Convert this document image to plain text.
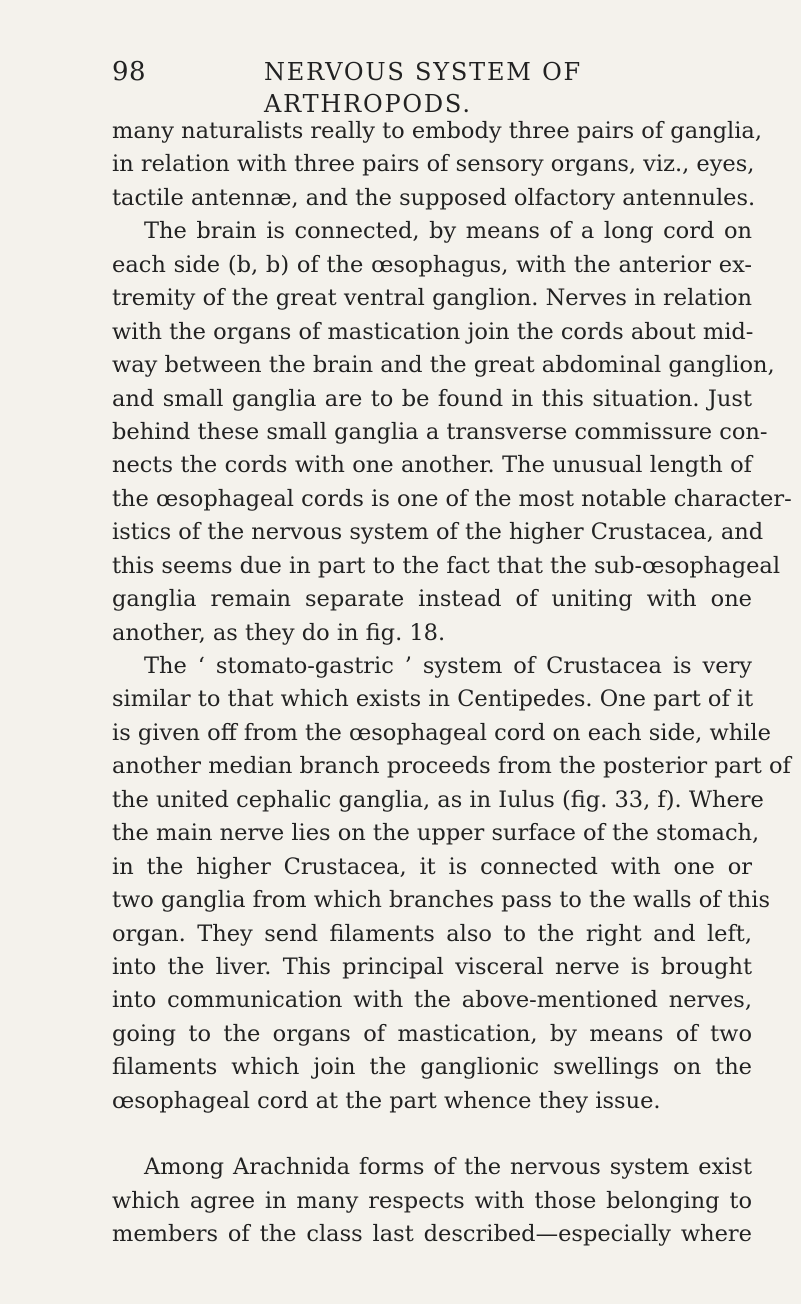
98	NERVOUS SYSTEM OF ARTHROPODS.
many naturalists really to embody three pairs of ganglia,
in relation with three pairs of sensory organs, viz., eyes,
tactile antennæ, and the supposed olfactory antennules.
The brain is connected, by means of a long cord on
each side (b, b) of the œsophagus, with the anterior ex-
tremity of the great ventral ganglion. Nerves in relation
with the organs of mastication join the cords about mid-
way between the brain and the great abdominal ganglion,
and small ganglia are to be found in this situation. Just
behind these small ganglia a transverse commissure con-
nects the cords with one another. The unusual length of
the œsophageal cords is one of the most notable character-
istics of the nervous system of the higher Crustacea, and
this seems due in part to the fact that the sub-œsophageal
ganglia remain separate instead of uniting with one
another, as they do in fig. 18.
The ‘ stomato-gastric ’ system of Crustacea is very
similar to that which exists in Centipedes. One part of it
is given off from the œsophageal cord on each side, while
another median branch proceeds from the posterior part of
the united cephalic ganglia, as in Iulus (fig. 33, f). Where
the main nerve lies on the upper surface of the stomach,
in the higher Crustacea, it is connected with one or
two ganglia from which branches pass to the walls of this
organ. They send filaments also to the right and left,
into the liver. This principal visceral nerve is brought
into communication with the above-mentioned nerves,
going to the organs of mastication, by means of two
filaments which join the ganglionic swellings on the
œsophageal cord at the part whence they issue.
Among Arachnida forms of the nervous system exist
which agree in many respects with those belonging to
members of the class last described—especially where
